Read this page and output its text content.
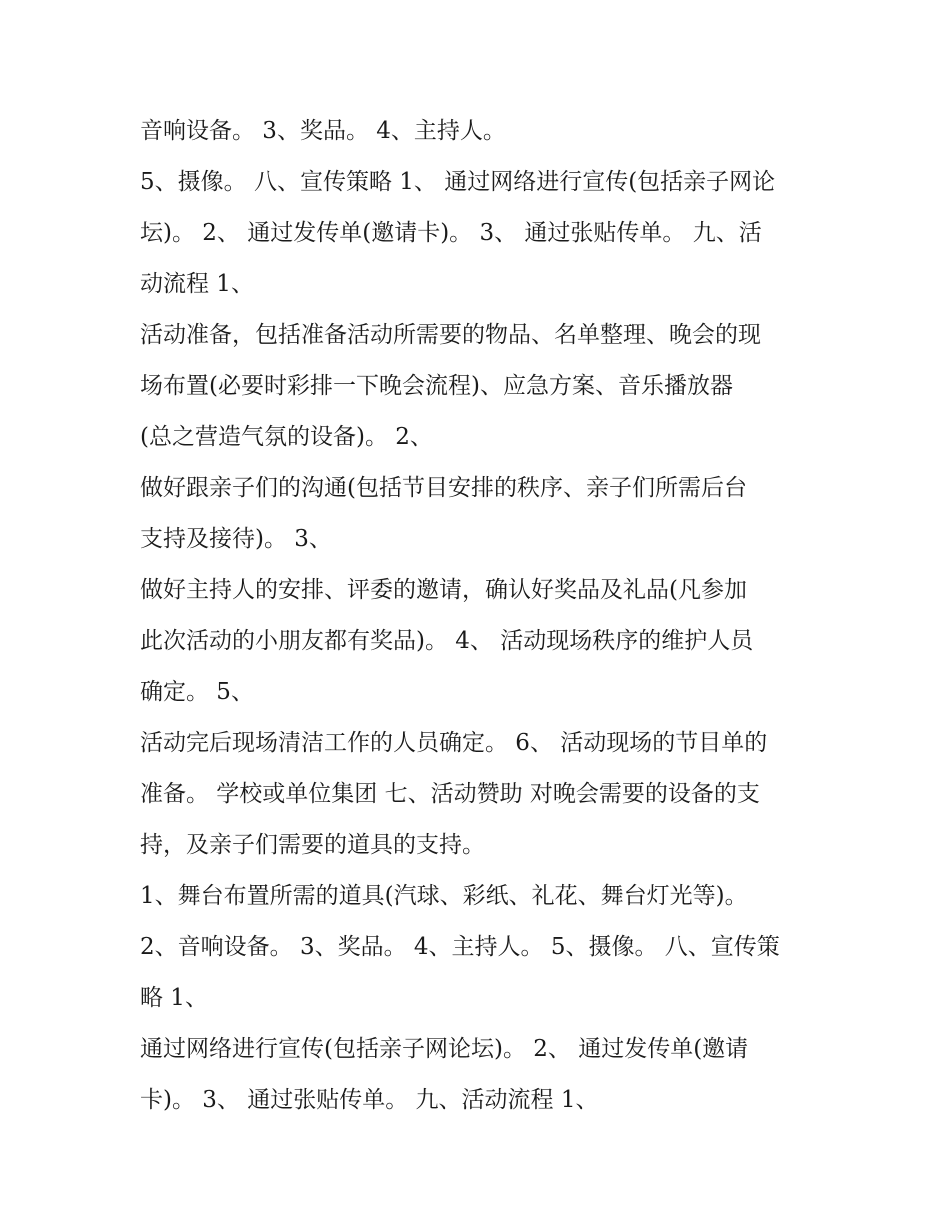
音响设备。 3、奖品。 4、主持人。
5、摄像。 八、宣传策略 1、 通过网络进行宣传(包括亲子网论
坛)。 2、 通过发传单(邀请卡)。 3、 通过张贴传单。 九、活
动流程 1、
活动准备，包括准备活动所需要的物品、名单整理、晚会的现
场布置(必要时彩排一下晚会流程)、应急方案、音乐播放器
(总之营造气氛的设备)。 2、
做好跟亲子们的沟通(包括节目安排的秩序、亲子们所需后台
支持及接待)。 3、
做好主持人的安排、评委的邀请，确认好奖品及礼品(凡参加
此次活动的小朋友都有奖品)。 4、 活动现场秩序的维护人员
确定。 5、
活动完后现场清洁工作的人员确定。 6、 活动现场的节目单的
准备。 学校或单位集团 七、活动赞助 对晚会需要的设备的支
持，及亲子们需要的道具的支持。
1、舞台布置所需的道具(汽球、彩纸、礼花、舞台灯光等)。
2、音响设备。 3、奖品。 4、主持人。 5、摄像。 八、宣传策
略 1、
通过网络进行宣传(包括亲子网论坛)。 2、 通过发传单(邀请
卡)。 3、 通过张贴传单。 九、活动流程 1、
